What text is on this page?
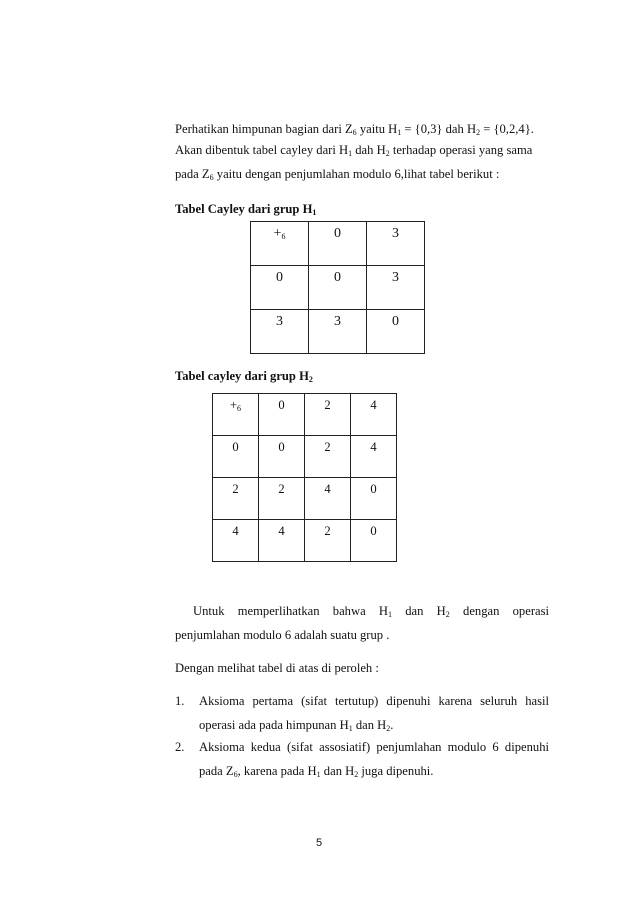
Perhatikan himpunan bagian dari $Z_6$ yaitu $H_1 = \{0,3\}$ dah $H_2 = \{0,2,4\}$.
Akan dibentuk tabel cayley dari $H_1$ dah $H_2$ terhadap operasi yang sama
pada $Z_6$ yaitu dengan penjumlahan modulo 6,lihat tabel berikut :
Tabel Cayley dari grup $H_1$
$+_6$	0	3
0	0	3
3	3	0
Tabel cayley dari grup $H_2$
$+_6$	0	2	4
0	0	2	4
2	2	4	0
4	4	2	0
Untuk memperlihatkan bahwa $H_1$ dan $H_2$ dengan operasi
penjumlahan modulo 6 adalah suatu grup .
Dengan melihat tabel di atas di peroleh :
1. Aksioma pertama (sifat tertutup) dipenuhi karena seluruh hasil
operasi ada pada himpunan $H_1$ dan $H_2$.
2. Aksioma kedua (sifat assosiatif) penjumlahan modulo 6 dipenuhi
pada $Z_6$, karena pada $H_1$ dan $H_2$ juga dipenuhi.
5
